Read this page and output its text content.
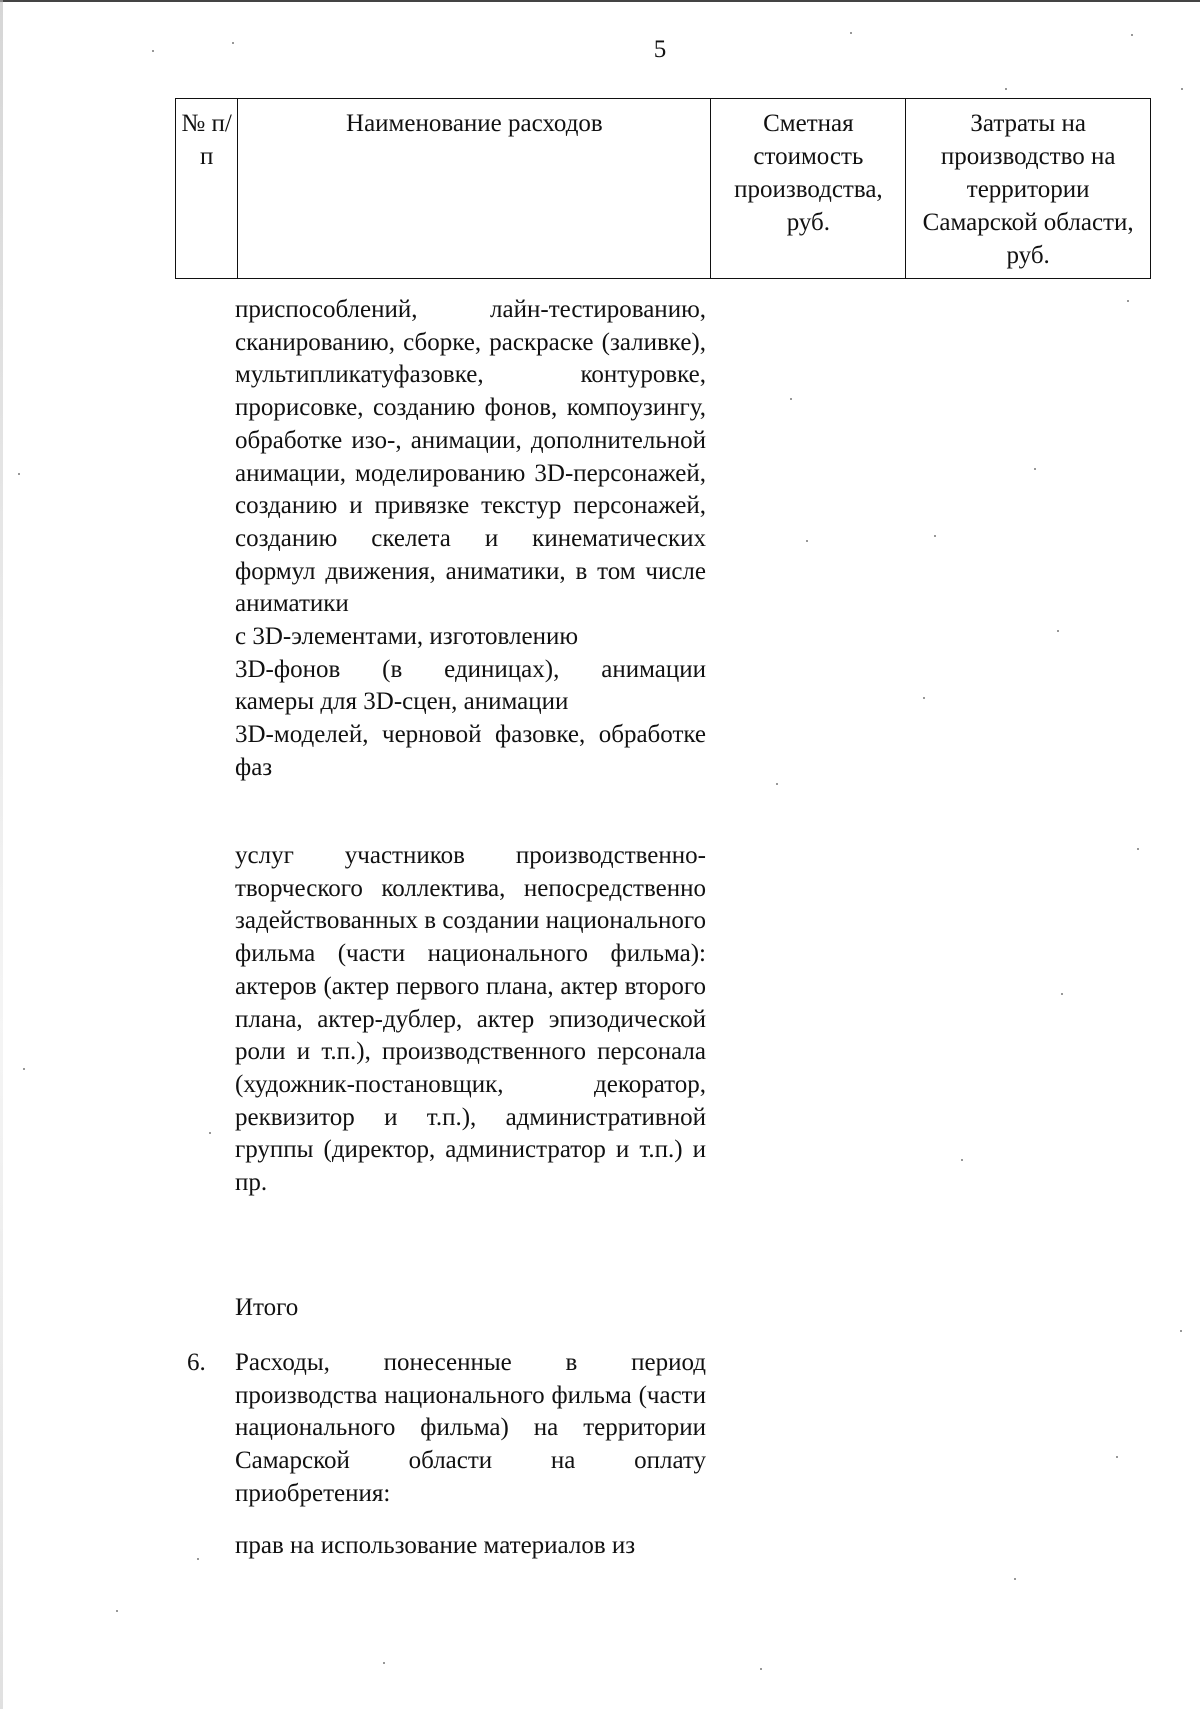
5
№ п/п	Наименование расходов	Сметная стоимость производства, руб.	Затраты на производство на территории Самарской области, руб.

приспособлений, лайн-тестированию, сканированию, сборке, раскраске (заливке), мультипликатуфазовке, контуровке, прорисовке, созданию фонов, компоузингу, обработке изо-, анимации, дополнительной анимации, моделированию 3D-персонажей, созданию и привязке текстур персонажей, созданию скелета и кинематических формул движения, аниматики, в том числе аниматики

с 3D-элементами, изготовлению

3D-фонов (в единицах), анимации

камеры для 3D-сцен, анимации

3D-моделей, черновой фазовке, обработке фаз

услуг участников производственно-творческого коллектива, непосредственно задействованных в создании национального фильма (части национального фильма): актеров (актер первого плана, актер второго плана, актер-дублер, актер эпизодической роли и т.п.), производственного персонала (художник-постановщик, декоратор, реквизитор и т.п.), административной группы (директор, администратор и т.п.) и пр.

Итого

6. Расходы, понесенные в период производства национального фильма (части национального фильма) на территории Самарской области на оплату приобретения:

прав на использование материалов из
